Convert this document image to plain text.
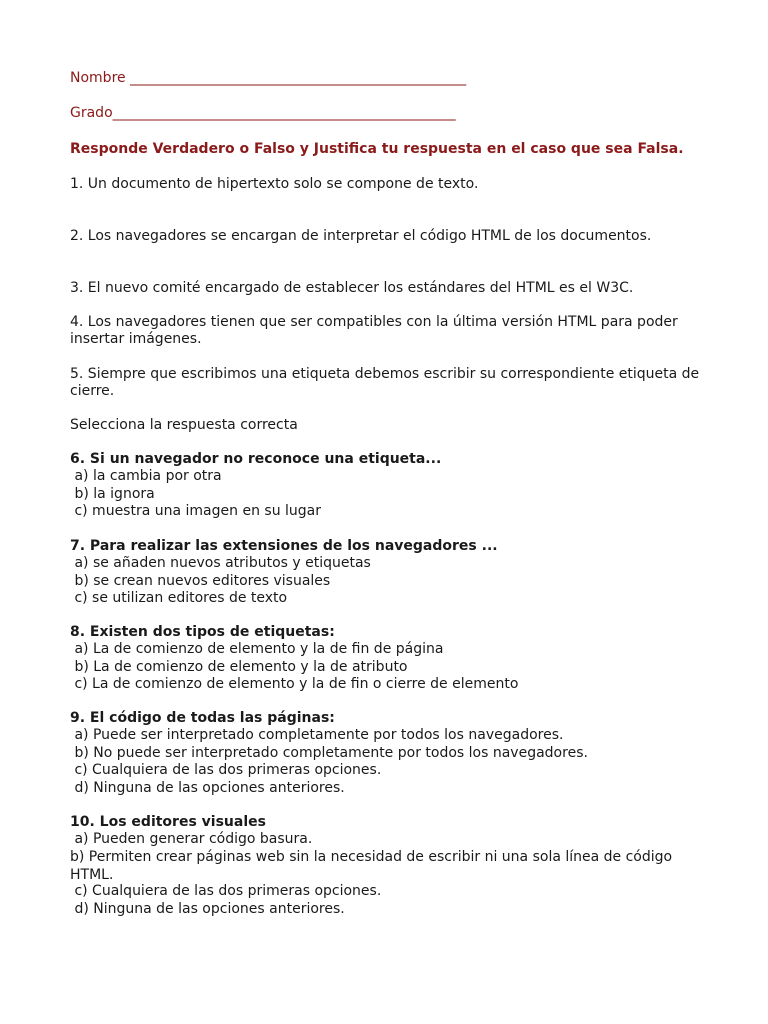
Nombre ________________________________________________
Grado_________________________________________________
Responde Verdadero o Falso y Justifica tu respuesta en el caso que sea Falsa.
1. Un documento de hipertexto solo se compone de texto.
2. Los navegadores se encargan de interpretar el código HTML de los documentos.
3. El nuevo comité encargado de establecer los estándares del HTML es el W3C.
4. Los navegadores tienen que ser compatibles con la última versión HTML para poder insertar imágenes.
5. Siempre que escribimos una etiqueta debemos escribir su correspondiente etiqueta de cierre.
Selecciona la respuesta correcta
6. Si un navegador no reconoce una etiqueta...
a) la cambia por otra
b) la ignora
c) muestra una imagen en su lugar
7. Para realizar las extensiones de los navegadores ...
a) se añaden nuevos atributos y etiquetas
b) se crean nuevos editores visuales
c) se utilizan editores de texto
8. Existen dos tipos de etiquetas:
a) La de comienzo de elemento y la de fin de página
b) La de comienzo de elemento y la de atributo
c) La de comienzo de elemento y la de fin o cierre de elemento
9. El código de todas las páginas:
a) Puede ser interpretado completamente por todos los navegadores.
b) No puede ser interpretado completamente por todos los navegadores.
c) Cualquiera de las dos primeras opciones.
d) Ninguna de las opciones anteriores.
10. Los editores visuales
a) Pueden generar código basura.
b) Permiten crear páginas web sin la necesidad de escribir ni una sola línea de código HTML.
c) Cualquiera de las dos primeras opciones.
d) Ninguna de las opciones anteriores.
